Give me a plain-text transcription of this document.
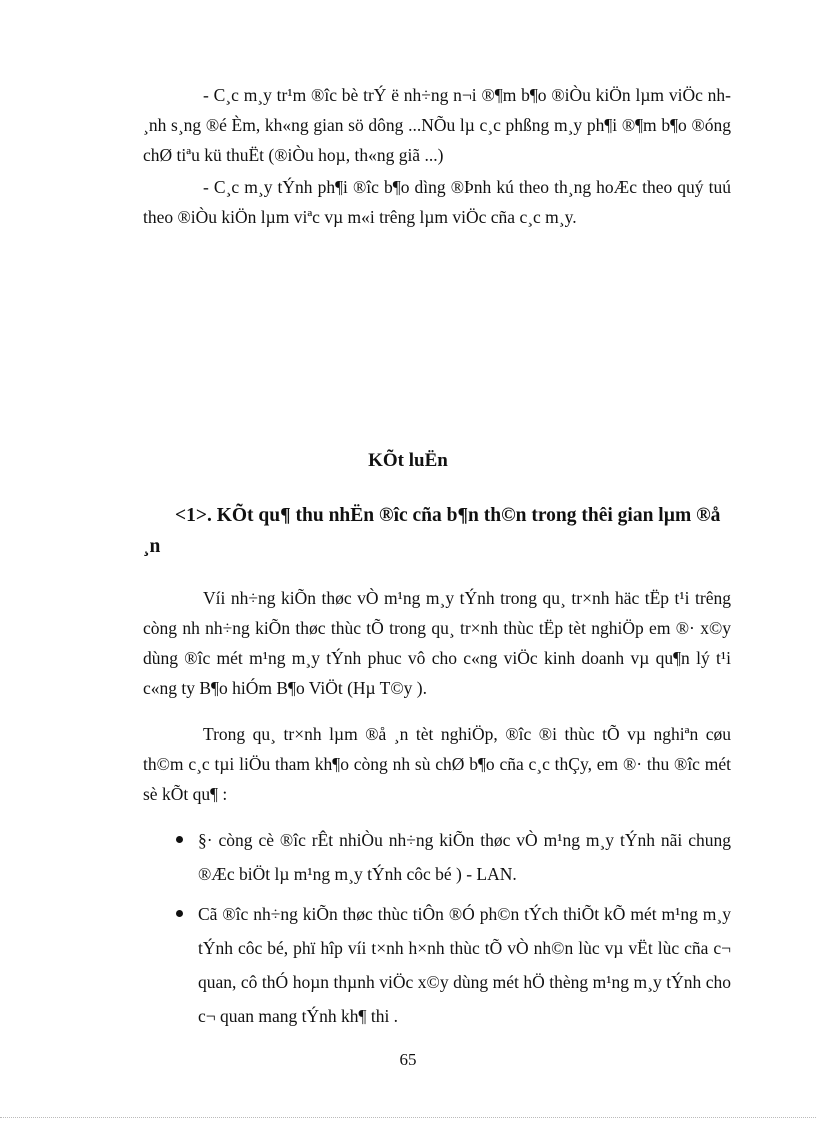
- C¸c m¸y tr¹m ®îc bè trÝ ë nh÷ng n¬i ®¶m b¶o ®iÒu kiÖn lµm viÖc nh ¸nh s¸ng ®é Èm, kh«ng gian sö dông ...NÕu lµ c¸c phßng m¸y ph¶i ®¶m b¶o ®óng chØ tiªu kü thuËt (®iÒu hoµ, th«ng giã ...)

- C¸c m¸y tÝnh ph¶i ®îc b¶o dìng ®Þnh kú theo th¸ng hoÆc theo quý tuú theo ®iÒu kiÖn lµm viªc vµ m«i trêng lµm viÖc cña c¸c m¸y.

KÕt luËn
<1>. KÕt qu¶ thu nhËn ®îc cña b¶n th©n trong thêi gian lµm ®å ¸n

Víi nh÷ng kiÕn thøc vÒ m¹ng m¸y tÝnh trong qu¸ tr×nh häc tËp t¹i trêng còng nh nh÷ng kiÕn thøc thùc tÕ trong qu¸ tr×nh thùc tËp tèt nghiÖp em ®· x©y dùng ®îc mét m¹ng m¸y tÝnh phuc vô cho c«ng viÖc kinh doanh vµ qu¶n lý t¹i c«ng ty B¶o hiÓm B¶o ViÖt (Hµ T©y ).

Trong qu¸ tr×nh lµm ®å ¸n tèt nghiÖp, ®îc ®i thùc tÕ vµ nghiªn cøu th©m c¸c tµi liÖu tham kh¶o còng nh sù chØ b¶o cña c¸c thÇy, em ®· thu ®îc mét sè kÕt qu¶ :

§· còng cè ®îc rÊt nhiÒu nh÷ng kiÕn thøc vÒ m¹ng m¸y tÝnh nãi chung ®Æc biÖt lµ m¹ng m¸y tÝnh côc bé ) - LAN.
Cã ®îc nh÷ng kiÕn thøc thùc tiÔn ®Ó ph©n tÝch thiÕt kÕ mét m¹ng m¸y tÝnh côc bé, phï hîp víi t×nh h×nh thùc tÕ vÒ nh©n lùc vµ vËt lùc cña c¬ quan, cô thÓ hoµn thµnh viÖc x©y dùng mét hÖ thèng m¹ng m¸y tÝnh cho c¬ quan mang tÝnh kh¶ thi .

65
